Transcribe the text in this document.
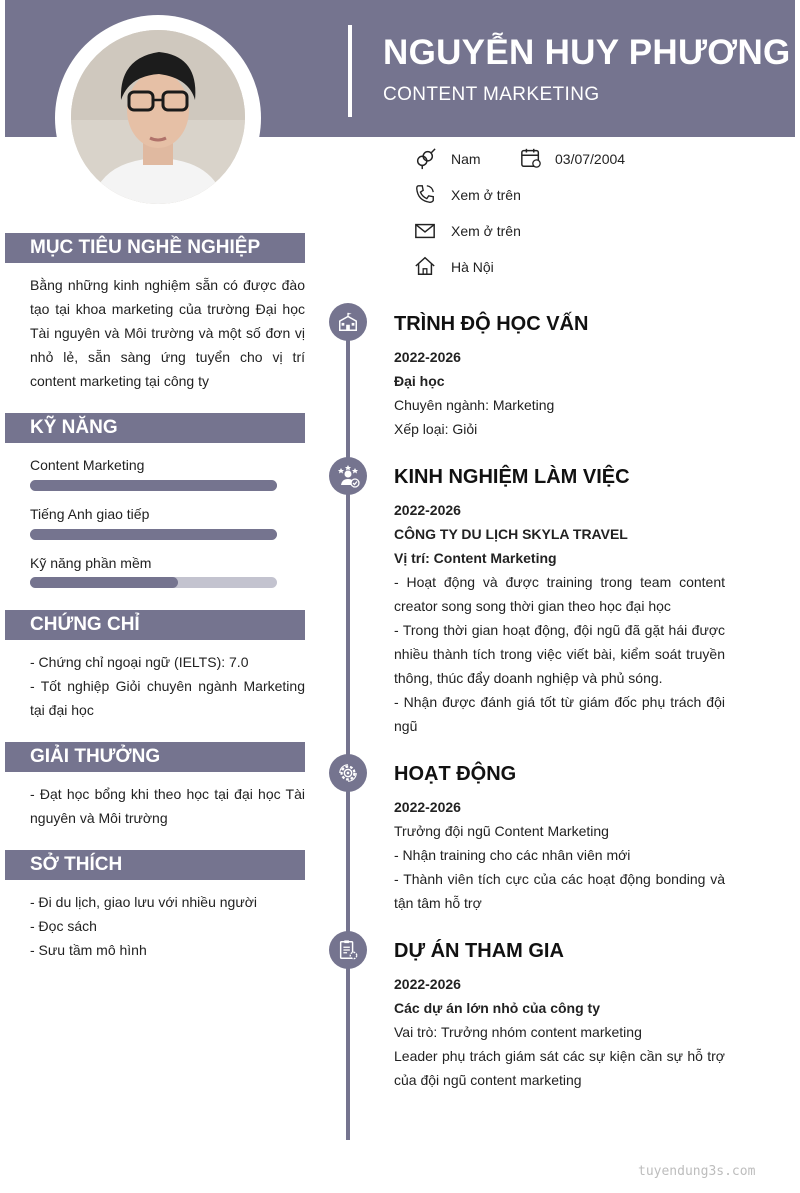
NGUYỄN HUY PHƯƠNG
CONTENT MARKETING
Nam	03/07/2004
Xem ở trên
Xem ở trên
Hà Nội
MỤC TIÊU NGHỀ NGHIỆP
Bằng những kinh nghiệm sẵn có được đào tạo tại khoa marketing của trường Đại học Tài nguyên và Môi trường và một số đơn vị nhỏ lẻ, sẵn sàng ứng tuyển cho vị trí content marketing tại công ty
KỸ NĂNG
Content Marketing
Tiếng Anh giao tiếp
Kỹ năng phần mềm
CHỨNG CHỈ
- Chứng chỉ ngoại ngữ (IELTS): 7.0
- Tốt nghiệp Giỏi chuyên ngành Marketing tại đại học
GIẢI THƯỞNG
- Đạt học bổng khi theo học tại đại học Tài nguyên và Môi trường
SỞ THÍCH
- Đi du lịch, giao lưu với nhiều người
- Đọc sách
- Sưu tầm mô hình
TRÌNH ĐỘ HỌC VẤN
2022-2026
Đại học
Chuyên ngành: Marketing
Xếp loại: Giỏi
KINH NGHIỆM LÀM VIỆC
2022-2026
CÔNG TY DU LỊCH SKYLA TRAVEL
Vị trí: Content Marketing
- Hoạt động và được training trong team content creator song song thời gian theo học đại học
- Trong thời gian hoạt động, đội ngũ đã gặt hái được nhiều thành tích trong việc viết bài, kiểm soát truyền thông, thúc đẩy doanh nghiệp và phủ sóng.
- Nhận được đánh giá tốt từ giám đốc phụ trách đội ngũ
HOẠT ĐỘNG
2022-2026
Trưởng đội ngũ Content Marketing
- Nhận training cho các nhân viên mới
- Thành viên tích cực của các hoạt động bonding và tận tâm hỗ trợ
DỰ ÁN THAM GIA
2022-2026
Các dự án lớn nhỏ của công ty
Vai trò: Trưởng nhóm content marketing
Leader phụ trách giám sát các sự kiện cần sự hỗ trợ của đội ngũ content marketing
tuyendung3s.com
